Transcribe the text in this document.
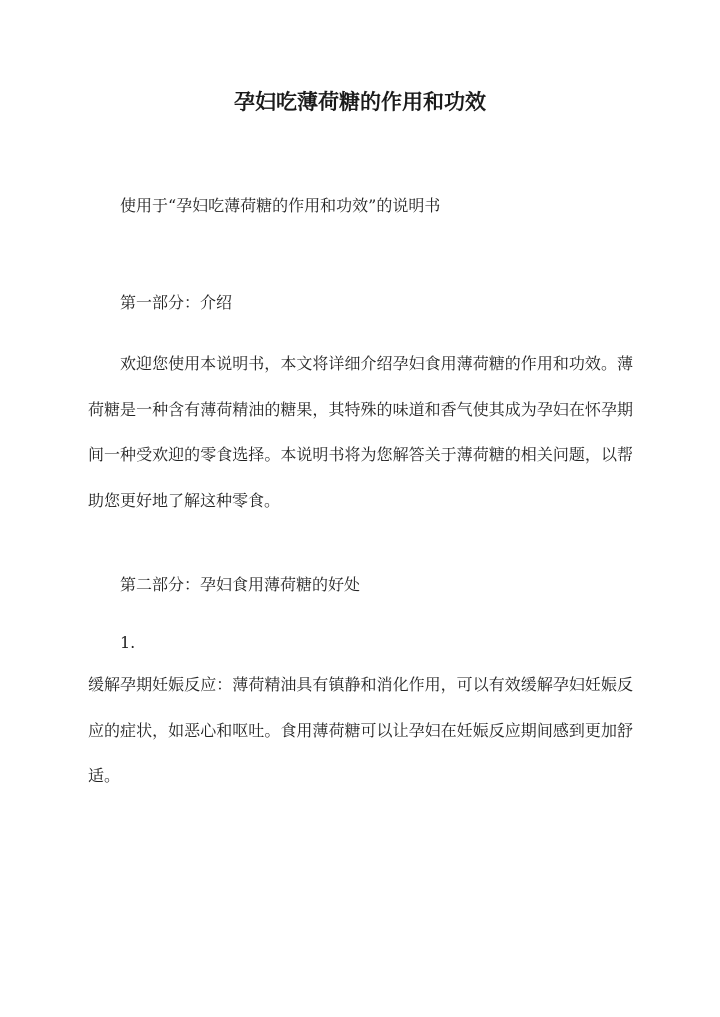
孕妇吃薄荷糖的作用和功效
使用于“孕妇吃薄荷糖的作用和功效”的说明书
第一部分：介绍
欢迎您使用本说明书，本文将详细介绍孕妇食用薄荷糖的作用和功效。薄荷糖是一种含有薄荷精油的糖果，其特殊的味道和香气使其成为孕妇在怀孕期间一种受欢迎的零食选择。本说明书将为您解答关于薄荷糖的相关问题，以帮助您更好地了解这种零食。
第二部分：孕妇食用薄荷糖的好处
1.
缓解孕期妊娠反应：薄荷精油具有镇静和消化作用，可以有效缓解孕妇妊娠反应的症状，如恶心和呕吐。食用薄荷糖可以让孕妇在妊娠反应期间感到更加舒适。
